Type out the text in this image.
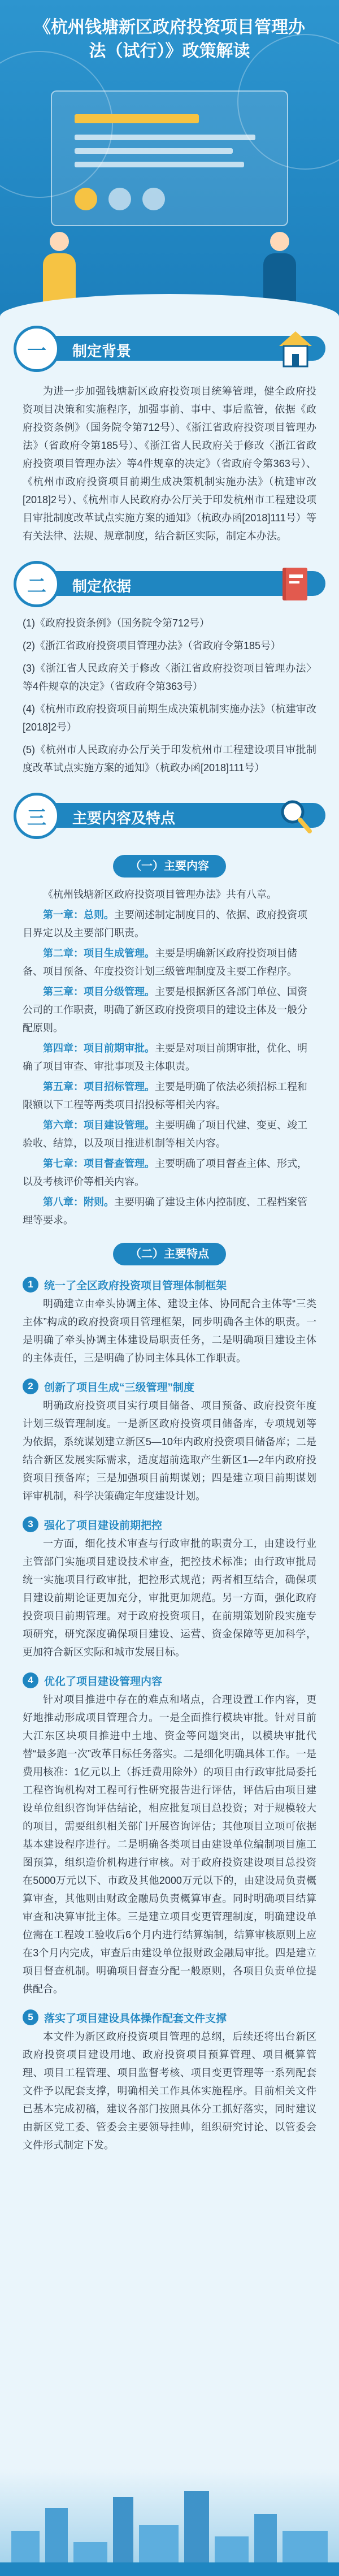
《杭州钱塘新区政府投资项目管理办法（试行）》政策解读
一	制定背景

为进一步加强钱塘新区政府投资项目统筹管理，健全政府投资项目决策和实施程序，加强事前、事中、事后监管，依据《政府投资条例》（国务院令第712号）、《浙江省政府投资项目管理办法》（省政府令第185号）、《浙江省人民政府关于修改〈浙江省政府投资项目管理办法〉等4件规章的决定》（省政府令第363号）、《杭州市政府投资项目前期生成决策机制实施办法》（杭建审改[2018]2号）、《杭州市人民政府办公厅关于印发杭州市工程建设项目审批制度改革试点实施方案的通知》（杭政办函[2018]111号）等有关法律、法规、规章制度，结合新区实际，制定本办法。

二	制定依据

(1)《政府投资条例》（国务院令第712号）

(2)《浙江省政府投资项目管理办法》（省政府令第185号）

(3)《浙江省人民政府关于修改〈浙江省政府投资项目管理办法〉等4件规章的决定》（省政府令第363号）

(4)《杭州市政府投资项目前期生成决策机制实施办法》（杭建审改[2018]2号）

(5)《杭州市人民政府办公厅关于印发杭州市工程建设项目审批制度改革试点实施方案的通知》（杭政办函[2018]111号）

三	主要内容及特点
（一）主要内容

《杭州钱塘新区政府投资项目管理办法》共有八章。

第一章：总则。主要阐述制定制度目的、依据、政府投资项目界定以及主要部门职责。

第二章：项目生成管理。主要是明确新区政府投资项目储备、项目预备、年度投资计划三级管理制度及主要工作程序。

第三章：项目分级管理。主要是根据新区各部门单位、国资公司的工作职责，明确了新区政府投资项目的建设主体及一般分配原则。

第四章：项目前期审批。主要是对项目前期审批，优化、明确了项目审查、审批事项及主体职责。

第五章：项目招标管理。主要是明确了依法必须招标工程和限额以下工程等两类项目招投标等相关内容。

第六章：项目建设管理。主要明确了项目代建、变更、竣工验收、结算，以及项目推进机制等相关内容。

第七章：项目督查管理。主要明确了项目督查主体、形式，以及考核评价等相关内容。

第八章：附则。主要明确了建设主体内控制度、工程档案管理等要求。

（二）主要特点
1	统一了全区政府投资项目管理体制框架

明确建立由牵头协调主体、建设主体、协同配合主体等“三类主体”构成的政府投资项目管理框架，同步明确各主体的职责。一是明确了牵头协调主体建设局职责任务，二是明确项目建设主体的主体责任，三是明确了协同主体具体工作职责。

2	创新了项目生成“三级管理”制度

明确政府投资项目实行项目储备、项目预备、政府投资年度计划三级管理制度。一是新区政府投资项目储备库，专项规划等为依据，系统谋划建立新区5—10年内政府投资项目储备库；二是结合新区发展实际需求，适度超前选取产生新区1—2年内政府投资项目预备库；三是加强项目前期谋划；四是建立项目前期谋划评审机制，科学决策确定年度建设计划。

3	强化了项目建设前期把控

一方面，细化技术审查与行政审批的职责分工，由建设行业主管部门实施项目建设技术审查，把控技术标准；由行政审批局统一实施项目行政审批，把控形式规范；两者相互结合，确保项目建设前期论证更加充分，审批更加规范。另一方面，强化政府投资项目前期管理。对于政府投资项目，在前期策划阶段实施专项研究，研究深度确保项目建设、运营、资金保障等更加科学，更加符合新区实际和城市发展目标。

4	优化了项目建设管理内容

针对项目推进中存在的难点和堵点，合理设置工作内容，更好地推动形成项目管理合力。一是全面推行模块审批。针对目前大江东区块项目推进中土地、资金等问题突出，以模块审批代替“最多跑一次”改革目标任务落实。二是细化明确具体工作。一是费用核准：1亿元以上（拆迁费用除外）的项目由行政审批局委托工程咨询机构对工程可行性研究报告进行评估，评估后由项目建设单位组织咨询评估结论，相应批复项目总投资；对于规模较大的项目，需要组织相关部门开展咨询评估；其他项目立项可依据基本建设程序进行。二是明确各类项目由建设单位编制项目施工图预算，组织造价机构进行审核。对于政府投资建设项目总投资在5000万元以下、市政及其他2000万元以下的，由建设局负责概算审查，其他则由财政金融局负责概算审查。同时明确项目结算审查和决算审批主体。三是建立项目变更管理制度，明确建设单位需在工程竣工验收后6个月内进行结算编制，结算审核原则上应在3个月内完成，审查后由建设单位报财政金融局审批。四是建立项目督查机制。明确项目督查分配一般原则，各项目负责单位提供配合。

5	落实了项目建设具体操作配套文件支撑

本文件为新区政府投资项目管理的总纲，后续还将出台新区政府投资项目建设用地、政府投资项目预算管理、项目概算管理、项目工程管理、项目监督考核、项目变更管理等一系列配套文件予以配套支撑，明确相关工作具体实施程序。目前相关文件已基本完成初稿，建议各部门按照具体分工抓好落实，同时建议由新区党工委、管委会主要领导挂帅，组织研究讨论、以管委会文件形式制定下发。
